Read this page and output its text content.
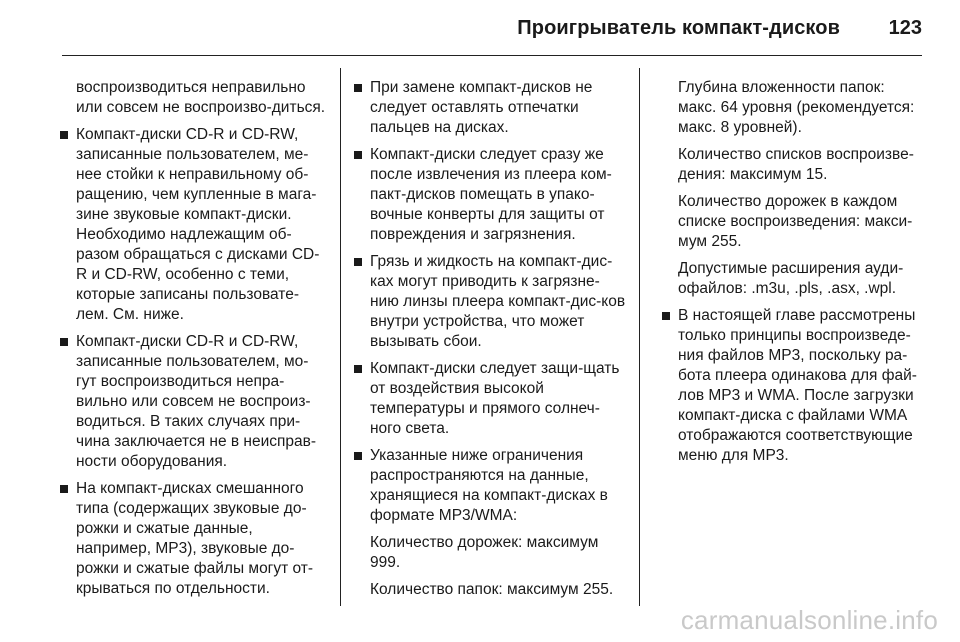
Проигрыватель компакт-дисков 123

воспроизводиться неправильно или совсем не воспроизво-диться.

Компакт-диски CD-R и CD-RW, записанные пользователем, ме-нее стойки к неправильному об-ращению, чем купленные в мага-зине звуковые компакт-диски. Необходимо надлежащим об-разом обращаться с дисками CD-R и CD-RW, особенно с теми, которые записаны пользовате-лем. См. ниже.

Компакт-диски CD-R и CD-RW, записанные пользователем, мо-гут воспроизводиться непра-вильно или совсем не воспроиз-водиться. В таких случаях при-чина заключается не в неисправ-ности оборудования.

На компакт-дисках смешанного типа (содержащих звуковые до-рожки и сжатые данные, например, MP3), звуковые до-рожки и сжатые файлы могут от-крываться по отдельности.

При замене компакт-дисков не следует оставлять отпечатки пальцев на дисках.

Компакт-диски следует сразу же после извлечения из плеера ком-пакт-дисков помещать в упако-вочные конверты для защиты от повреждения и загрязнения.

Грязь и жидкость на компакт-дис-ках могут приводить к загрязне-нию линзы плеера компакт-дис-ков внутри устройства, что может вызывать сбои.

Компакт-диски следует защи-щать от воздействия высокой температуры и прямого солнеч-ного света.

Указанные ниже ограничения распространяются на данные, хранящиеся на компакт-дисках в формате MP3/WMA:

Количество дорожек: максимум 999.

Количество папок: максимум 255.

Глубина вложенности папок: макс. 64 уровня (рекомендуется: макс. 8 уровней).

Количество списков воспроизве-дения: максимум 15.

Количество дорожек в каждом списке воспроизведения: макси-мум 255.

Допустимые расширения ауди-офайлов: .m3u, .pls, .asx, .wpl.

В настоящей главе рассмотрены только принципы воспроизведе-ния файлов MP3, поскольку ра-бота плеера одинакова для фай-лов MP3 и WMA. После загрузки компакт-диска с файлами WMA отображаются соответствующие меню для MP3.

carmanualsonline.info
